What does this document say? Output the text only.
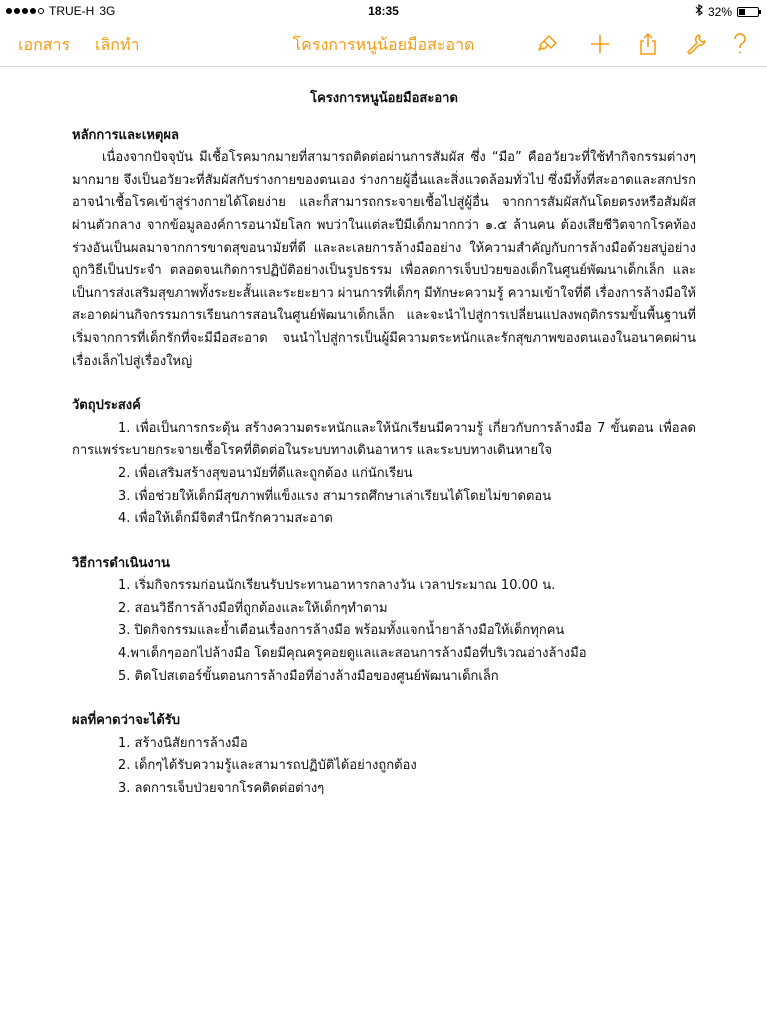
TRUE-H 3G	18:35	32%
เอกสาร เลิกทำ	โครงการหนูน้อยมือสะอาด

โครงการหนูน้อยมือสะอาด

หลักการและเหตุผล

เนื่องจากปัจจุบัน มีเชื้อโรคมากมายที่สามารถติดต่อผ่านการสัมผัส ซึ่ง “มือ” คืออวัยวะที่ใช้ทำกิจกรรมต่างๆมากมาย จึงเป็นอวัยวะที่สัมผัสกับร่างกายของตนเอง ร่างกายผู้อื่นและสิ่งแวดล้อมทั่วไป ซึ่งมีทั้งที่สะอาดและสกปรก อาจนำเชื้อโรคเข้าสู่ร่างกายได้โดยง่าย และก็สามารถกระจายเชื้อไปสู่ผู้อื่น จากการสัมผัสกันโดยตรงหรือสัมผัสผ่านตัวกลาง จากข้อมูลองค์การอนามัยโลก พบว่าในแต่ละปีมีเด็กมากกว่า ๑.๕ ล้านคน ต้องเสียชีวิตจากโรคท้องร่วงอันเป็นผลมาจากการขาดสุขอนามัยที่ดี และละเลยการล้างมืออย่าง ให้ความสำคัญกับการล้างมือด้วยสบู่อย่างถูกวิธีเป็นประจำ ตลอดจนเกิดการปฏิบัติอย่างเป็นรูปธรรม เพื่อลดการเจ็บป่วยของเด็กในศูนย์พัฒนาเด็กเล็ก และเป็นการส่งเสริมสุขภาพทั้งระยะสั้นและระยะยาว ผ่านการที่เด็กๆ มีทักษะความรู้ ความเข้าใจที่ดี เรื่องการล้างมือให้สะอาดผ่านกิจกรรมการเรียนการสอนในศูนย์พัฒนาเด็กเล็ก และจะนำไปสู่การเปลี่ยนแปลงพฤติกรรมขั้นพื้นฐานที่เริ่มจากการที่เด็กรักที่จะมีมือสะอาด จนนำไปสู่การเป็นผู้มีความตระหนักและรักสุขภาพของตนเองในอนาคตผ่านเรื่องเล็กไปสู่เรื่องใหญ่

วัตถุประสงค์

1. เพื่อเป็นการกระตุ้น สร้างความตระหนักและให้นักเรียนมีความรู้ เกี่ยวกับการล้างมือ 7 ขั้นตอน เพื่อลดการแพร่ระบายกระจายเชื้อโรคที่ติดต่อในระบบทางเดินอาหาร และระบบทางเดินหายใจ
2. เพื่อเสริมสร้างสุขอนามัยที่ดีและถูกต้อง แก่นักเรียน
3. เพื่อช่วยให้เด็กมีสุขภาพที่แข็งแรง สามารถศึกษาเล่าเรียนได้โดยไม่ขาดตอน
4. เพื่อให้เด็กมีจิตสำนึกรักความสะอาด

วิธีการดำเนินงาน

1. เริ่มกิจกรรมก่อนนักเรียนรับประทานอาหารกลางวัน เวลาประมาณ 10.00 น.
2. สอนวิธีการล้างมือที่ถูกต้องและให้เด็กๆทำตาม
3. ปิดกิจกรรมและย้ำเตือนเรื่องการล้างมือ พร้อมทั้งแจกน้ำยาล้างมือให้เด็กทุกคน
4.พาเด็กๆออกไปล้างมือ โดยมีคุณครูคอยดูแลและสอนการล้างมือที่บริเวณอ่างล้างมือ
5. ติดโปสเตอร์ขั้นตอนการล้างมือที่อ่างล้างมือของศูนย์พัฒนาเด็กเล็ก

ผลที่คาดว่าจะได้รับ

1. สร้างนิสัยการล้างมือ
2. เด็กๆได้รับความรู้และสามารถปฏิบัติได้อย่างถูกต้อง
3. ลดการเจ็บป่วยจากโรคติดต่อต่างๆ
